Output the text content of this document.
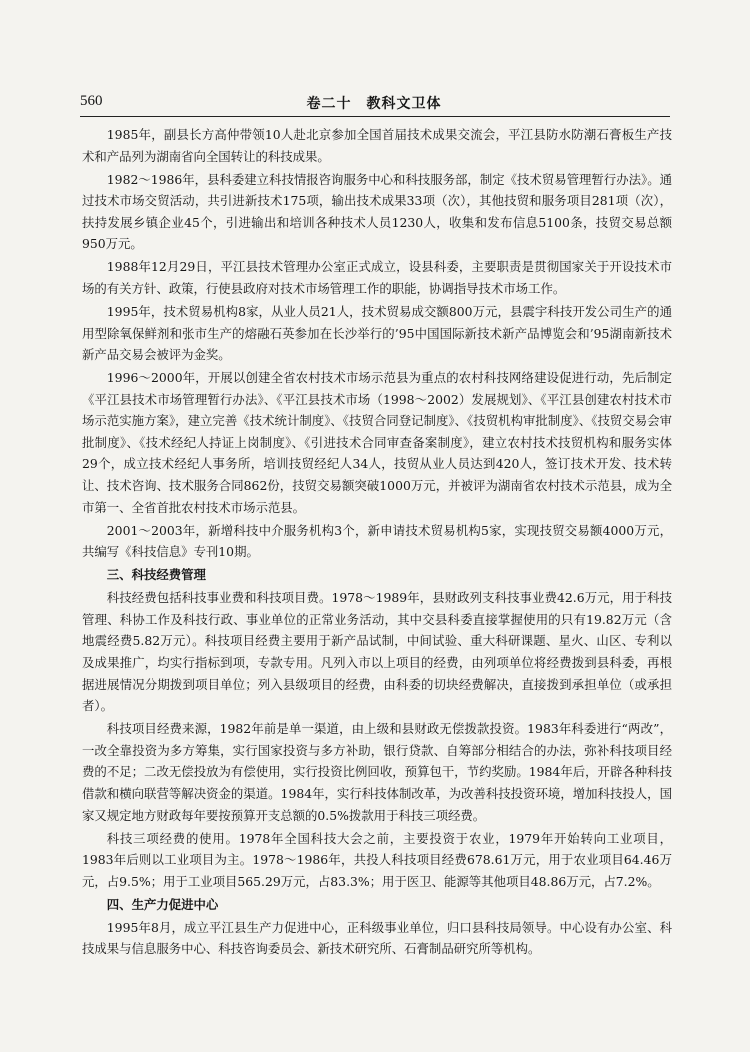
560	卷二十　教科文卫体

1985年，副县长方高仲带领10人赴北京参加全国首届技术成果交流会，平江县防水防潮石膏板生产技术和产品列为湖南省向全国转让的科技成果。

1982～1986年，县科委建立科技情报咨询服务中心和科技服务部，制定《技术贸易管理暂行办法》。通过技术市场交贸活动，共引进新技术175项，输出技术成果33项（次），其他技贸和服务项目281项（次），扶持发展乡镇企业45个，引进输出和培训各种技术人员1230人，收集和发布信息5100条，技贸交易总额950万元。

1988年12月29日，平江县技术管理办公室正式成立，设县科委，主要职责是贯彻国家关于开设技术市场的有关方针、政策，行使县政府对技术市场管理工作的职能，协调指导技术市场工作。

1995年，技术贸易机构8家，从业人员21人，技术贸易成交额800万元，县震宇科技开发公司生产的通用型除氧保鲜剂和张市生产的熔融石英参加在长沙举行的’95中国国际新技术新产品博览会和’95湖南新技术新产品交易会被评为金奖。

1996～2000年，开展以创建全省农村技术市场示范县为重点的农村科技网络建设促进行动，先后制定《平江县技术市场管理暂行办法》、《平江县技术市场（1998～2002）发展规划》、《平江县创建农村技术市场示范实施方案》，建立完善《技术统计制度》、《技贸合同登记制度》、《技贸机构审批制度》、《技贸交易会审批制度》、《技术经纪人持证上岗制度》、《引进技术合同审查备案制度》，建立农村技术技贸机构和服务实体29个，成立技术经纪人事务所，培训技贸经纪人34人，技贸从业人员达到420人，签订技术开发、技术转让、技术咨询、技术服务合同862份，技贸交易额突破1000万元，并被评为湖南省农村技术示范县，成为全市第一、全省首批农村技术市场示范县。

2001～2003年，新增科技中介服务机构3个，新申请技术贸易机构5家，实现技贸交易额4000万元，共编写《科技信息》专刊10期。

三、科技经费管理

科技经费包括科技事业费和科技项目费。1978～1989年，县财政列支科技事业费42.6万元，用于科技管理、科协工作及科技行政、事业单位的正常业务活动，其中交县科委直接掌握使用的只有19.82万元（含地震经费5.82万元）。科技项目经费主要用于新产品试制，中间试验、重大科研课题、星火、山区、专利以及成果推广，均实行指标到项，专款专用。凡列入市以上项目的经费，由列项单位将经费拨到县科委，再根据进展情况分期拨到项目单位；列入县级项目的经费，由科委的切块经费解决，直接拨到承担单位（或承担者）。

科技项目经费来源，1982年前是单一渠道，由上级和县财政无偿拨款投资。1983年科委进行“两改”，一改全靠投资为多方筹集，实行国家投资与多方补助，银行贷款、自筹部分相结合的办法，弥补科技项目经费的不足；二改无偿投放为有偿使用，实行投资比例回收，预算包干，节约奖励。1984年后，开辟各种科技借款和横向联营等解决资金的渠道。1984年，实行科技体制改革，为改善科技投资环境，增加科技投人，国家又规定地方财政每年要按预算开支总额的0.5%拨款用于科技三项经费。

科技三项经费的使用。1978年全国科技大会之前，主要投资于农业，1979年开始转向工业项目，1983年后则以工业项目为主。1978～1986年，共投人科技项目经费678.61万元，用于农业项目64.46万元，占9.5%；用于工业项目565.29万元，占83.3%；用于医卫、能源等其他项目48.86万元，占7.2%。

四、生产力促进中心

1995年8月，成立平江县生产力促进中心，正科级事业单位，归口县科技局领导。中心设有办公室、科技成果与信息服务中心、科技咨询委员会、新技术研究所、石膏制品研究所等机构。
